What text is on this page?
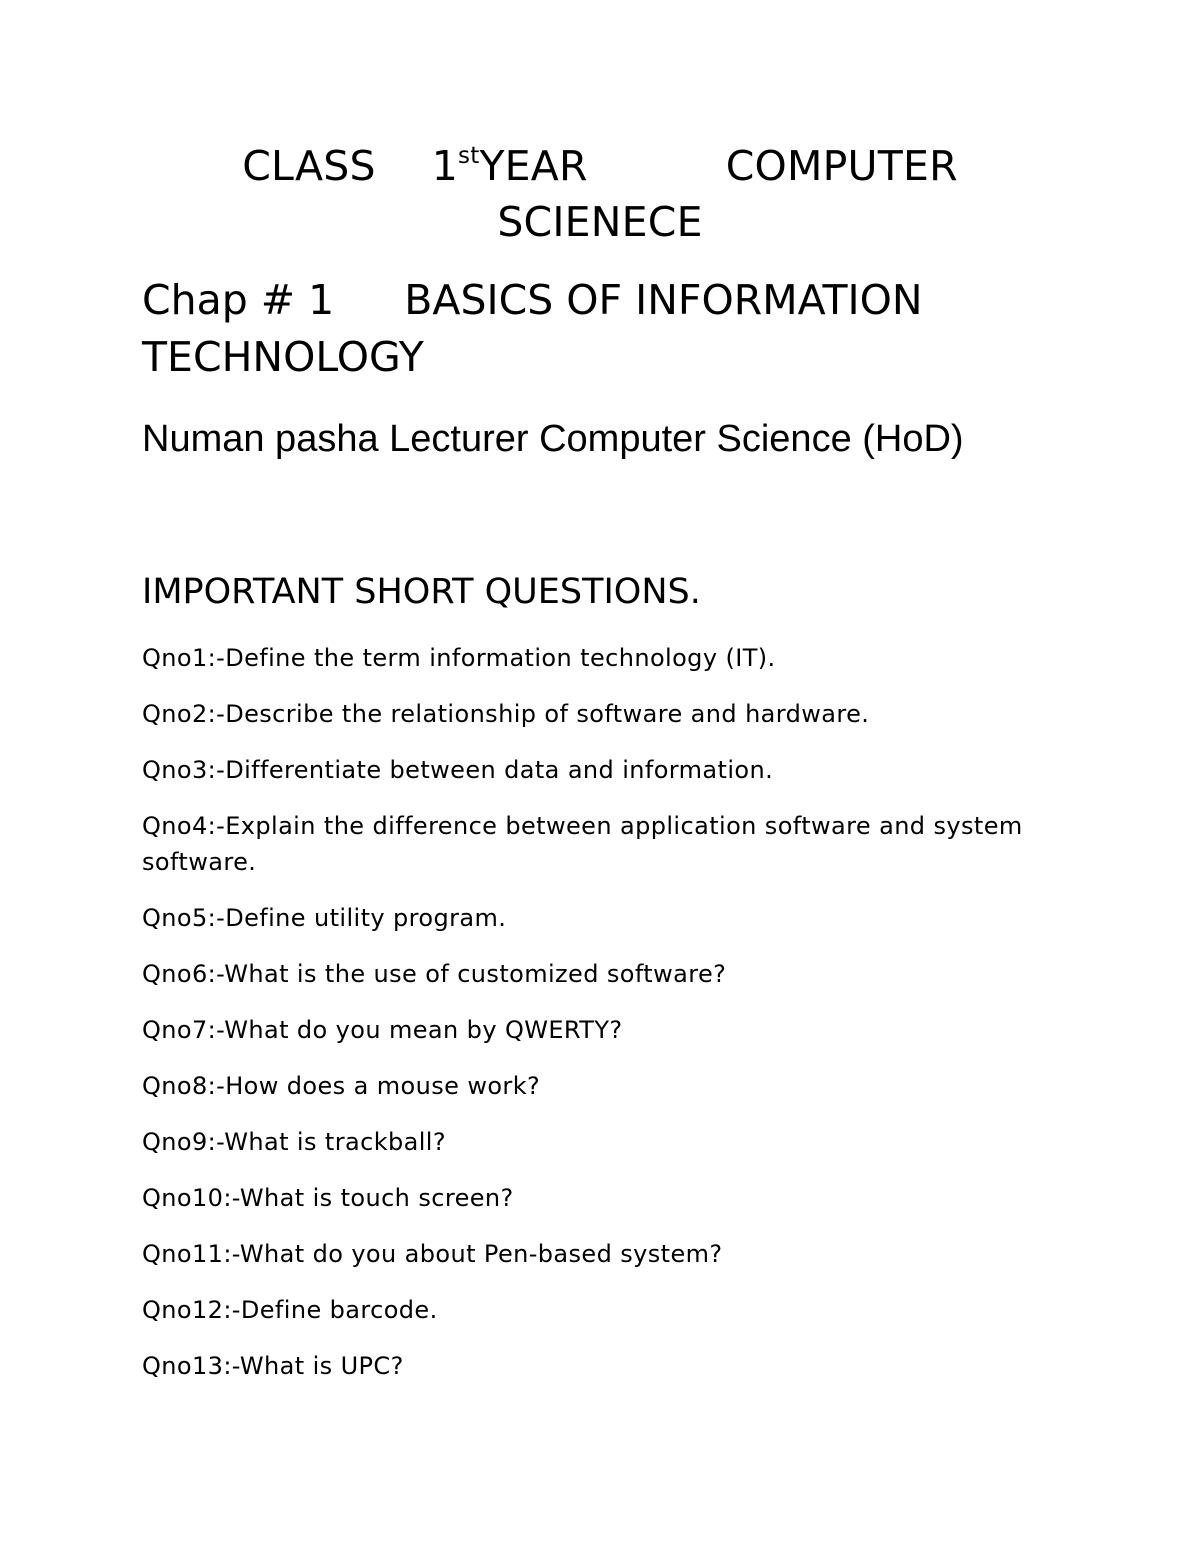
CLASS 1stYEAR	COMPUTER
SCIENECE
Chap # 1 BASICS OF INFORMATION
TECHNOLOGY
Numan pasha Lecturer Computer Science (HoD)
IMPORTANT SHORT QUESTIONS.
Qno1:-Define the term information technology (IT).
Qno2:-Describe the relationship of software and hardware.
Qno3:-Differentiate between data and information.
Qno4:-Explain the difference between application software and system software.
Qno5:-Define utility program.
Qno6:-What is the use of customized software?
Qno7:-What do you mean by QWERTY?
Qno8:-How does a mouse work?
Qno9:-What is trackball?
Qno10:-What is touch screen?
Qno11:-What do you about Pen-based system?
Qno12:-Define barcode.
Qno13:-What is UPC?
